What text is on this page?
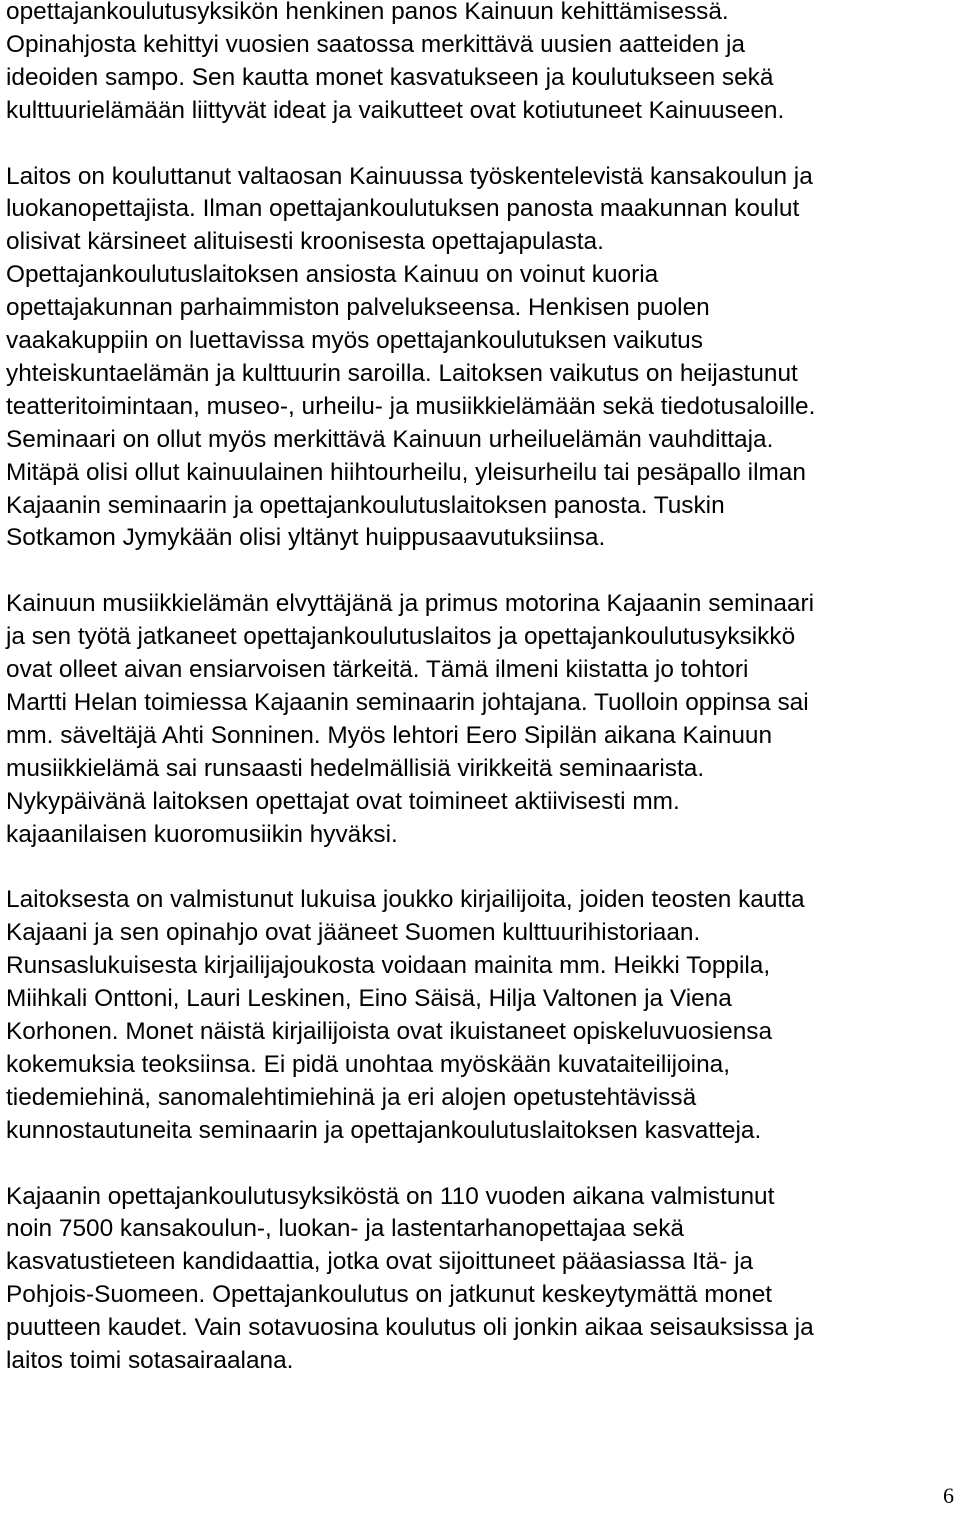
opettajankoulutusyksikön henkinen panos Kainuun kehittämisessä.
Opinahjosta kehittyi vuosien saatossa merkittävä uusien aatteiden ja
ideoiden sampo. Sen kautta monet kasvatukseen ja koulutukseen sekä
kulttuurielämään liittyvät ideat ja vaikutteet ovat kotiutuneet Kainuuseen.

Laitos on kouluttanut valtaosan Kainuussa työskentelevistä kansakoulun ja
luokanopettajista. Ilman opettajankoulutuksen panosta maakunnan koulut
olisivat kärsineet alituisesti kroonisesta opettajapulasta.
Opettajankoulutuslaitoksen ansiosta Kainuu on voinut kuoria
opettajakunnan parhaimmiston palvelukseensa. Henkisen puolen
vaakakuppiin on luettavissa myös opettajankoulutuksen vaikutus
yhteiskuntaelämän ja kulttuurin saroilla. Laitoksen vaikutus on heijastunut
teatteritoimintaan, museo-, urheilu- ja musiikkielämään sekä tiedotusaloille.
Seminaari on ollut myös merkittävä Kainuun urheiluelämän vauhdittaja.
Mitäpä olisi ollut kainuulainen hiihtourheilu, yleisurheilu tai pesäpallo ilman
Kajaanin seminaarin ja opettajankoulutuslaitoksen panosta. Tuskin
Sotkamon Jymykään olisi yltänyt huippusaavutuksiinsa.

Kainuun musiikkielämän elvyttäjänä ja primus motorina Kajaanin seminaari
ja sen työtä jatkaneet opettajankoulutuslaitos ja opettajankoulutusyksikkö
ovat olleet aivan ensiarvoisen tärkeitä. Tämä ilmeni kiistatta jo tohtori
Martti Helan toimiessa Kajaanin seminaarin johtajana. Tuolloin oppinsa sai
mm. säveltäjä Ahti Sonninen. Myös lehtori Eero Sipilän aikana Kainuun
musiikkielämä sai runsaasti hedelmällisiä virikkeitä seminaarista.
Nykypäivänä laitoksen opettajat ovat toimineet aktiivisesti mm.
kajaanilaisen kuoromusiikin hyväksi.

Laitoksesta on valmistunut lukuisa joukko kirjailijoita, joiden teosten kautta
Kajaani ja sen opinahjo ovat jääneet Suomen kulttuurihistoriaan.
Runsaslukuisesta kirjailijajoukosta voidaan mainita mm. Heikki Toppila,
Miihkali Onttoni, Lauri Leskinen, Eino Säisä, Hilja Valtonen ja Viena
Korhonen. Monet näistä kirjailijoista ovat ikuistaneet opiskeluvuosiensa
kokemuksia teoksiinsa. Ei pidä unohtaa myöskään kuvataiteilijoina,
tiedemiehinä, sanomalehtimiehinä ja eri alojen opetustehtävissä
kunnostautuneita seminaarin ja opettajankoulutuslaitoksen kasvatteja.

Kajaanin opettajankoulutusyksiköstä on 110 vuoden aikana valmistunut
noin 7500 kansakoulun-, luokan- ja lastentarhanopettajaa sekä
kasvatustieteen kandidaattia, jotka ovat sijoittuneet pääasiassa Itä- ja
Pohjois-Suomeen. Opettajankoulutus on jatkunut keskeytymättä monet
puutteen kaudet. Vain sotavuosina koulutus oli jonkin aikaa seisauksissa ja
laitos toimi sotasairaalana.

6
